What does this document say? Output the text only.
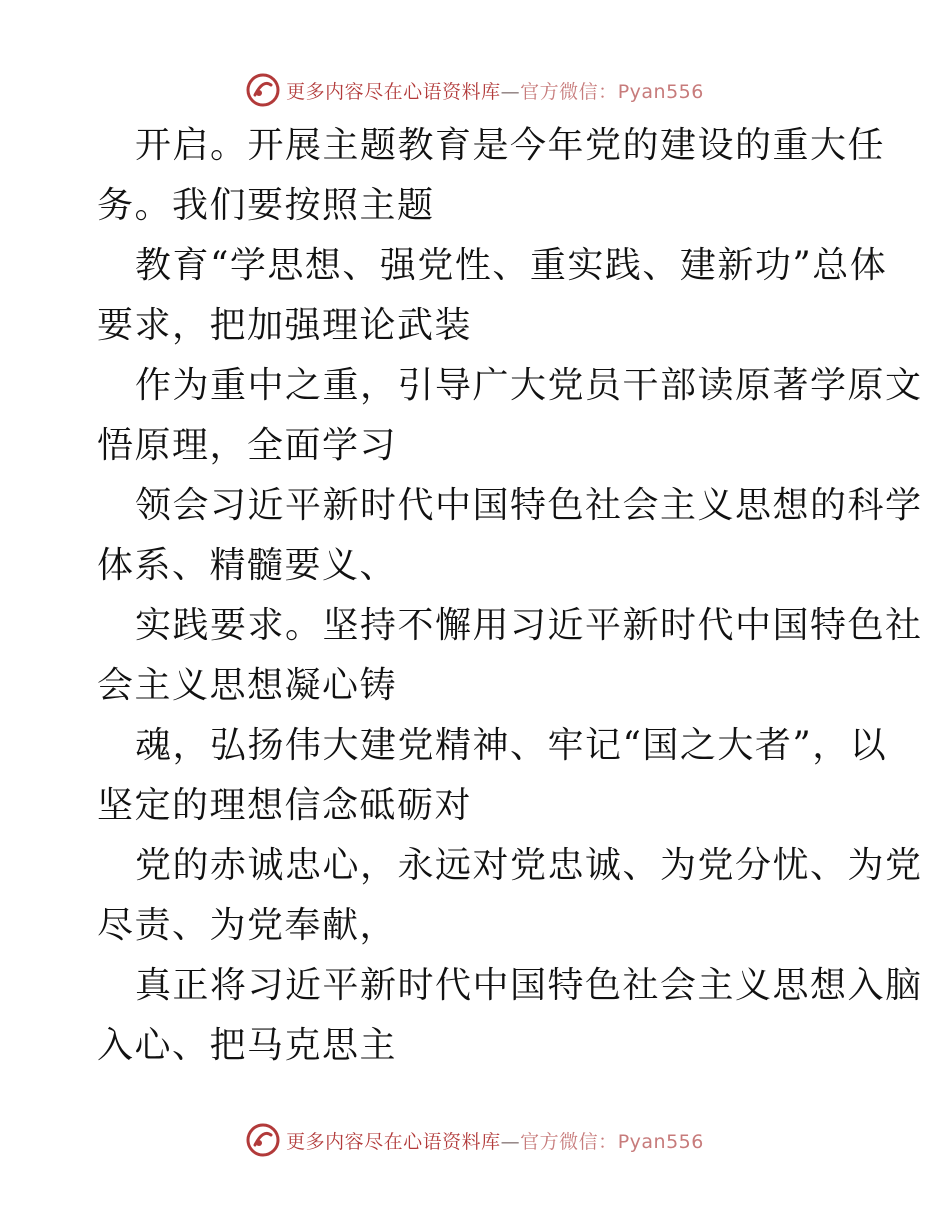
更多内容尽在心语资料库—官方微信：Pyan556

开启。开展主题教育是今年党的建设的重大任

务。我们要按照主题

教育“学思想、强党性、重实践、建新功”总体

要求，把加强理论武装

作为重中之重，引导广大党员干部读原著学原文

悟原理，全面学习

领会习近平新时代中国特色社会主义思想的科学

体系、精髓要义、

实践要求。坚持不懈用习近平新时代中国特色社

会主义思想凝心铸

魂，弘扬伟大建党精神、牢记“国之大者”，以

坚定的理想信念砥砺对

党的赤诚忠心，永远对党忠诚、为党分忧、为党

尽责、为党奉献，

真正将习近平新时代中国特色社会主义思想入脑

入心、把马克思主

更多内容尽在心语资料库—官方微信：Pyan556
